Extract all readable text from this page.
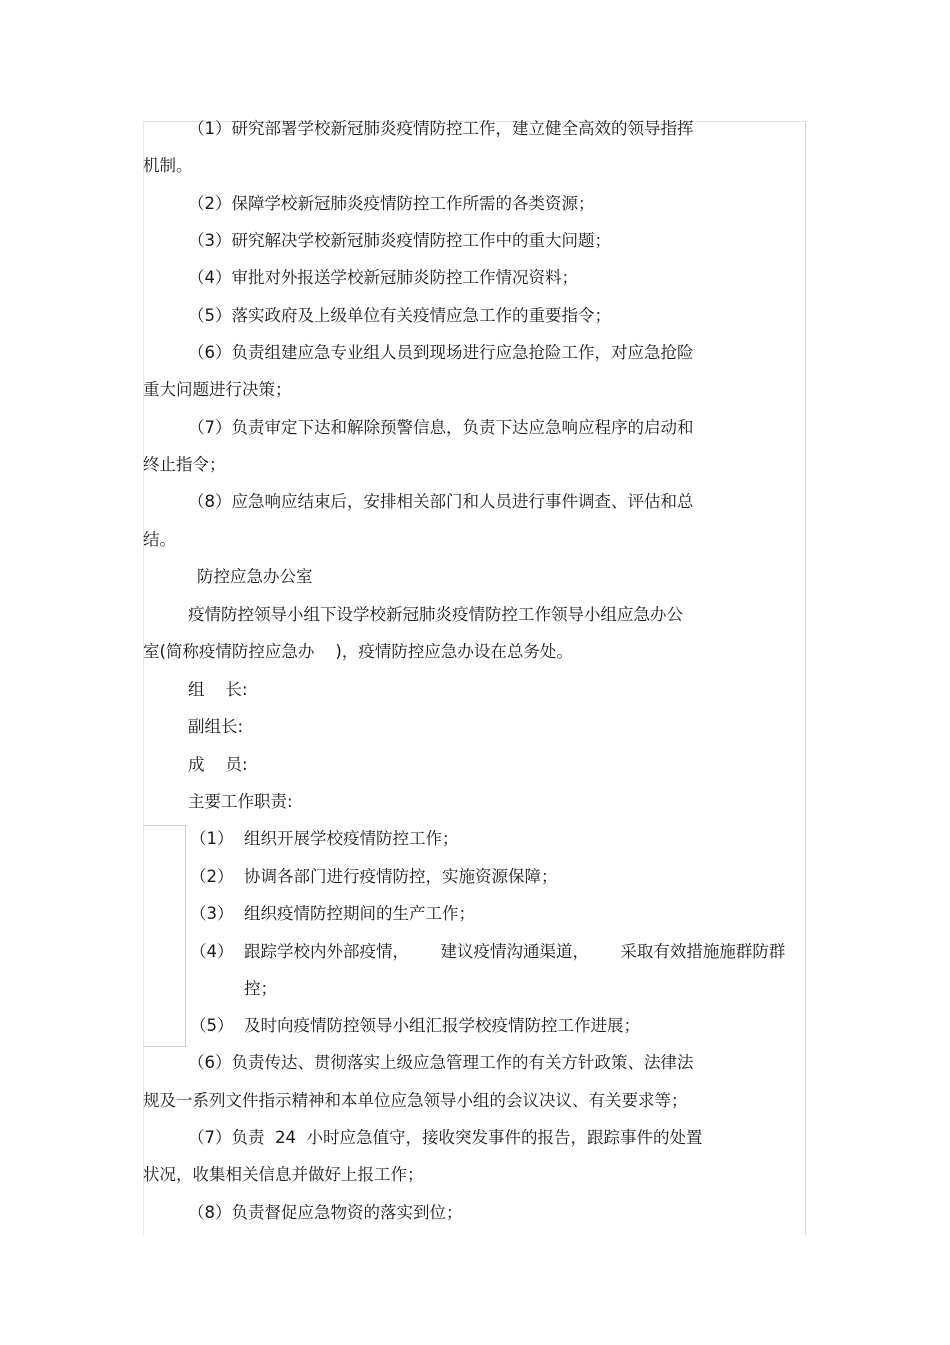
（1）研究部署学校新冠肺炎疫情防控工作，建立健全高效的领导指挥
机制。
（2）保障学校新冠肺炎疫情防控工作所需的各类资源；
（3）研究解决学校新冠肺炎疫情防控工作中的重大问题；
（4）审批对外报送学校新冠肺炎防控工作情况资料；
（5）落实政府及上级单位有关疫情应急工作的重要指令；
（6）负责组建应急专业组人员到现场进行应急抢险工作，对应急抢险
重大问题进行决策；
（7）负责审定下达和解除预警信息，负责下达应急响应程序的启动和
终止指令；
（8）应急响应结束后，安排相关部门和人员进行事件调查、评估和总
结。
防控应急办公室
疫情防控领导小组下设学校新冠肺炎疫情防控工作领导小组应急办公
室(简称疫情防控应急办    )，疫情防控应急办设在总务处。
组    长:
副组长:
成    员:
主要工作职责:
（1）  组织开展学校疫情防控工作；
（2）  协调各部门进行疫情防控，实施资源保障；
（3）  组织疫情防控期间的生产工作；
（4）  跟踪学校内外部疫情，      建议疫情沟通渠道，      采取有效措施施群防群
控；
（5）  及时向疫情防控领导小组汇报学校疫情防控工作进展；
（6）负责传达、贯彻落实上级应急管理工作的有关方针政策、法律法
规及一系列文件指示精神和本单位应急领导小组的会议决议、有关要求等；
（7）负责  24  小时应急值守，接收突发事件的报告，跟踪事件的处置
状况，收集相关信息并做好上报工作；
（8）负责督促应急物资的落实到位；
